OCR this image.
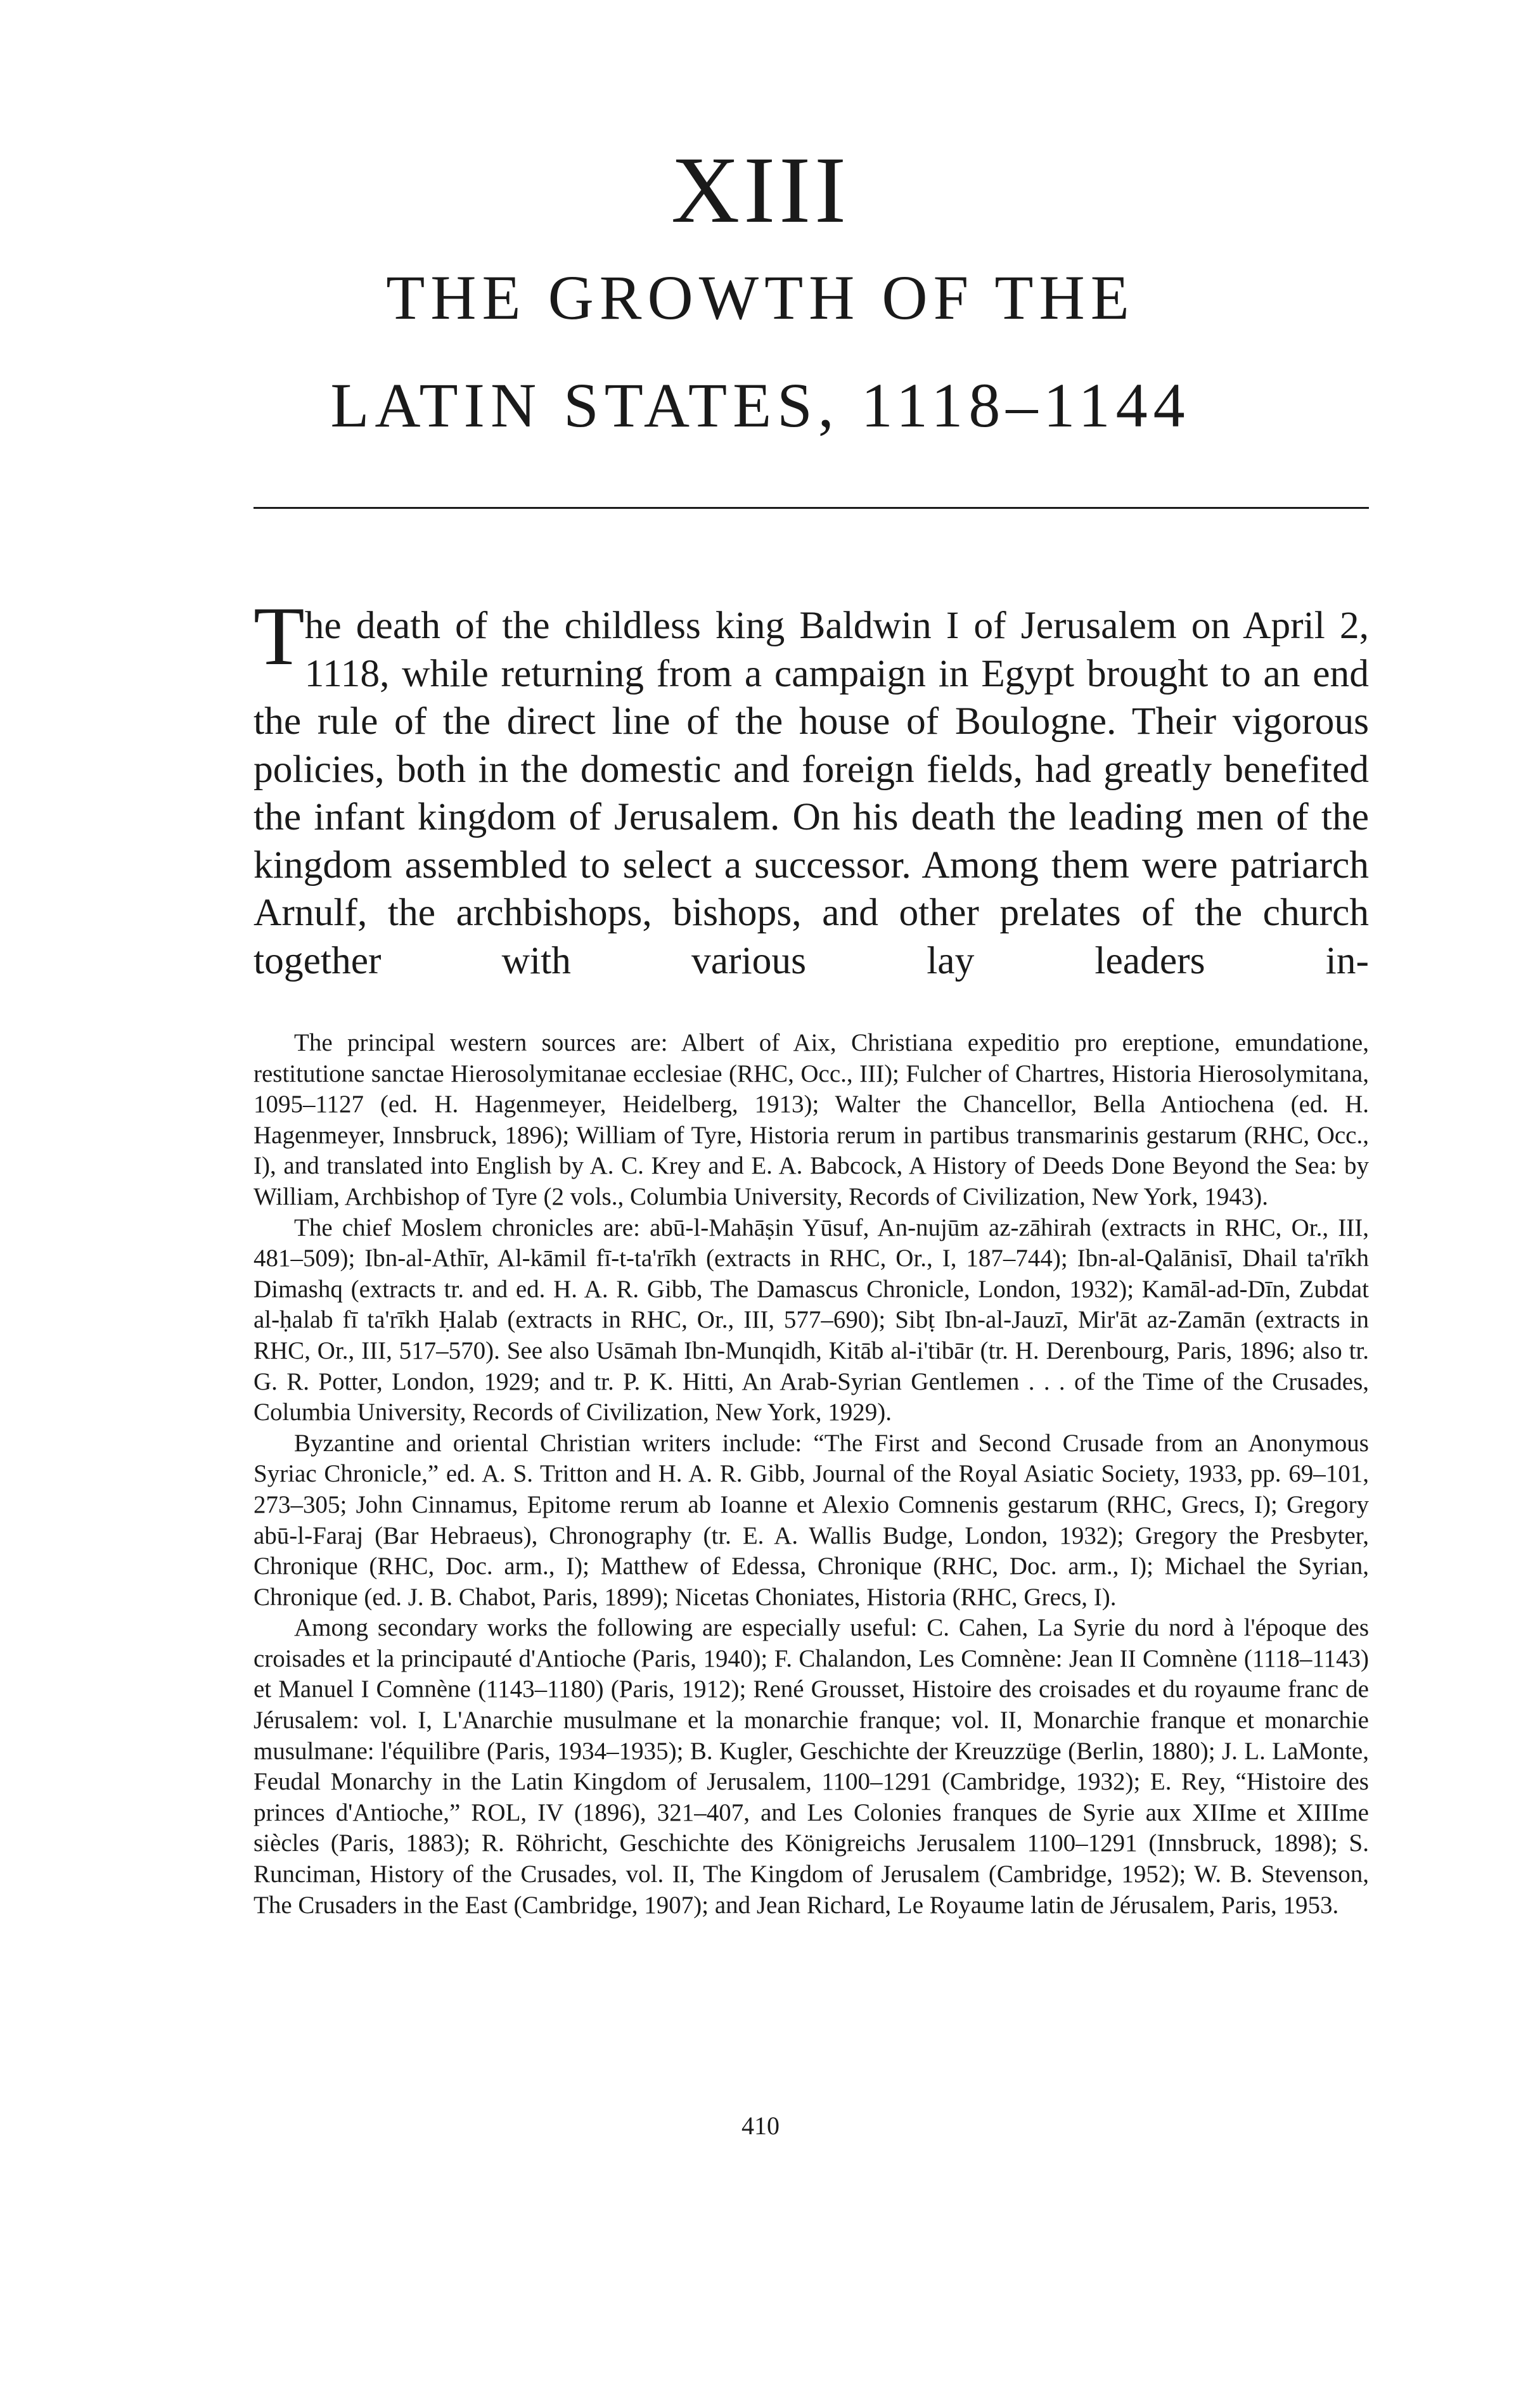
XIII
THE GROWTH OF THE
LATIN STATES, 1118–1144

The death of the childless king Baldwin I of Jerusalem on April 2, 1118, while returning from a campaign in Egypt brought to an end the rule of the direct line of the house of Boulogne. Their vigorous policies, both in the domestic and foreign fields, had greatly benefited the infant kingdom of Jerusalem. On his death the leading men of the kingdom assembled to select a successor. Among them were patriarch Arnulf, the archbishops, bishops, and other prelates of the church together with various lay leaders in-

The principal western sources are: Albert of Aix, Christiana expeditio pro ereptione, emundatione, restitutione sanctae Hierosolymitanae ecclesiae (RHC, Occ., III); Fulcher of Chartres, Historia Hierosolymitana, 1095–1127 (ed. H. Hagenmeyer, Heidelberg, 1913); Walter the Chancellor, Bella Antiochena (ed. H. Hagenmeyer, Innsbruck, 1896); William of Tyre, Historia rerum in partibus transmarinis gestarum (RHC, Occ., I), and translated into English by A. C. Krey and E. A. Babcock, A History of Deeds Done Beyond the Sea: by William, Archbishop of Tyre (2 vols., Columbia University, Records of Civilization, New York, 1943).

The chief Moslem chronicles are: abū-l-Mahāṣin Yūsuf, An-nujūm az-zāhirah (extracts in RHC, Or., III, 481–509); Ibn-al-Athīr, Al-kāmil fī-t-ta'rīkh (extracts in RHC, Or., I, 187–744); Ibn-al-Qalānisī, Dhail ta'rīkh Dimashq (extracts tr. and ed. H. A. R. Gibb, The Damascus Chronicle, London, 1932); Kamāl-ad-Dīn, Zubdat al-ḥalab fī ta'rīkh Ḥalab (extracts in RHC, Or., III, 577–690); Sibṭ Ibn-al-Jauzī, Mir'āt az-Zamān (extracts in RHC, Or., III, 517–570). See also Usāmah Ibn-Munqidh, Kitāb al-i'tibār (tr. H. Derenbourg, Paris, 1896; also tr. G. R. Potter, London, 1929; and tr. P. K. Hitti, An Arab-Syrian Gentlemen . . . of the Time of the Crusades, Columbia University, Records of Civilization, New York, 1929).

Byzantine and oriental Christian writers include: “The First and Second Crusade from an Anonymous Syriac Chronicle,” ed. A. S. Tritton and H. A. R. Gibb, Journal of the Royal Asiatic Society, 1933, pp. 69–101, 273–305; John Cinnamus, Epitome rerum ab Ioanne et Alexio Comnenis gestarum (RHC, Grecs, I); Gregory abū-l-Faraj (Bar Hebraeus), Chronography (tr. E. A. Wallis Budge, London, 1932); Gregory the Presbyter, Chronique (RHC, Doc. arm., I); Matthew of Edessa, Chronique (RHC, Doc. arm., I); Michael the Syrian, Chronique (ed. J. B. Chabot, Paris, 1899); Nicetas Choniates, Historia (RHC, Grecs, I).

Among secondary works the following are especially useful: C. Cahen, La Syrie du nord à l'époque des croisades et la principauté d'Antioche (Paris, 1940); F. Chalandon, Les Comnène: Jean II Comnène (1118–1143) et Manuel I Comnène (1143–1180) (Paris, 1912); René Grousset, Histoire des croisades et du royaume franc de Jérusalem: vol. I, L'Anarchie musulmane et la monarchie franque; vol. II, Monarchie franque et monarchie musulmane: l'équilibre (Paris, 1934–1935); B. Kugler, Geschichte der Kreuzzüge (Berlin, 1880); J. L. LaMonte, Feudal Monarchy in the Latin Kingdom of Jerusalem, 1100–1291 (Cambridge, 1932); E. Rey, “Histoire des princes d'Antioche,” ROL, IV (1896), 321–407, and Les Colonies franques de Syrie aux XIIme et XIIIme siècles (Paris, 1883); R. Röhricht, Geschichte des Königreichs Jerusalem 1100–1291 (Innsbruck, 1898); S. Runciman, History of the Crusades, vol. II, The Kingdom of Jerusalem (Cambridge, 1952); W. B. Stevenson, The Crusaders in the East (Cambridge, 1907); and Jean Richard, Le Royaume latin de Jérusalem, Paris, 1953.

410
